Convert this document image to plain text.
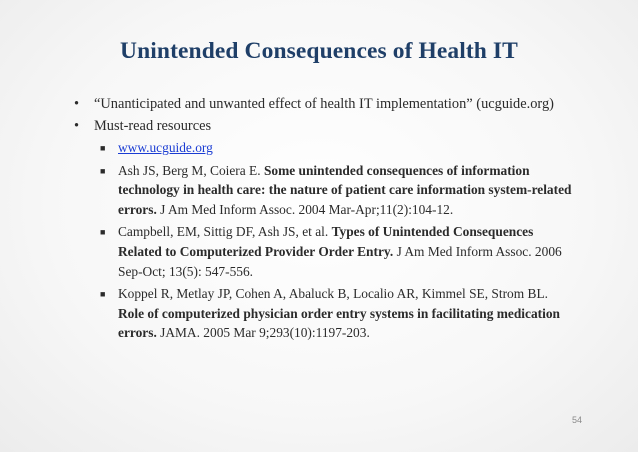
Unintended Consequences of Health IT
• “Unanticipated and unwanted effect of health IT implementation” (ucguide.org)
• Must-read resources
■ www.ucguide.org
■ Ash JS, Berg M, Coiera E. Some unintended consequences of information technology in health care: the nature of patient care information system-related errors. J Am Med Inform Assoc. 2004 Mar-Apr;11(2):104-12.
■ Campbell, EM, Sittig DF, Ash JS, et al. Types of Unintended Consequences Related to Computerized Provider Order Entry. J Am Med Inform Assoc. 2006 Sep-Oct; 13(5): 547-556.
■ Koppel R, Metlay JP, Cohen A, Abaluck B, Localio AR, Kimmel SE, Strom BL. Role of computerized physician order entry systems in facilitating medication errors. JAMA. 2005 Mar 9;293(10):1197-203.
54
